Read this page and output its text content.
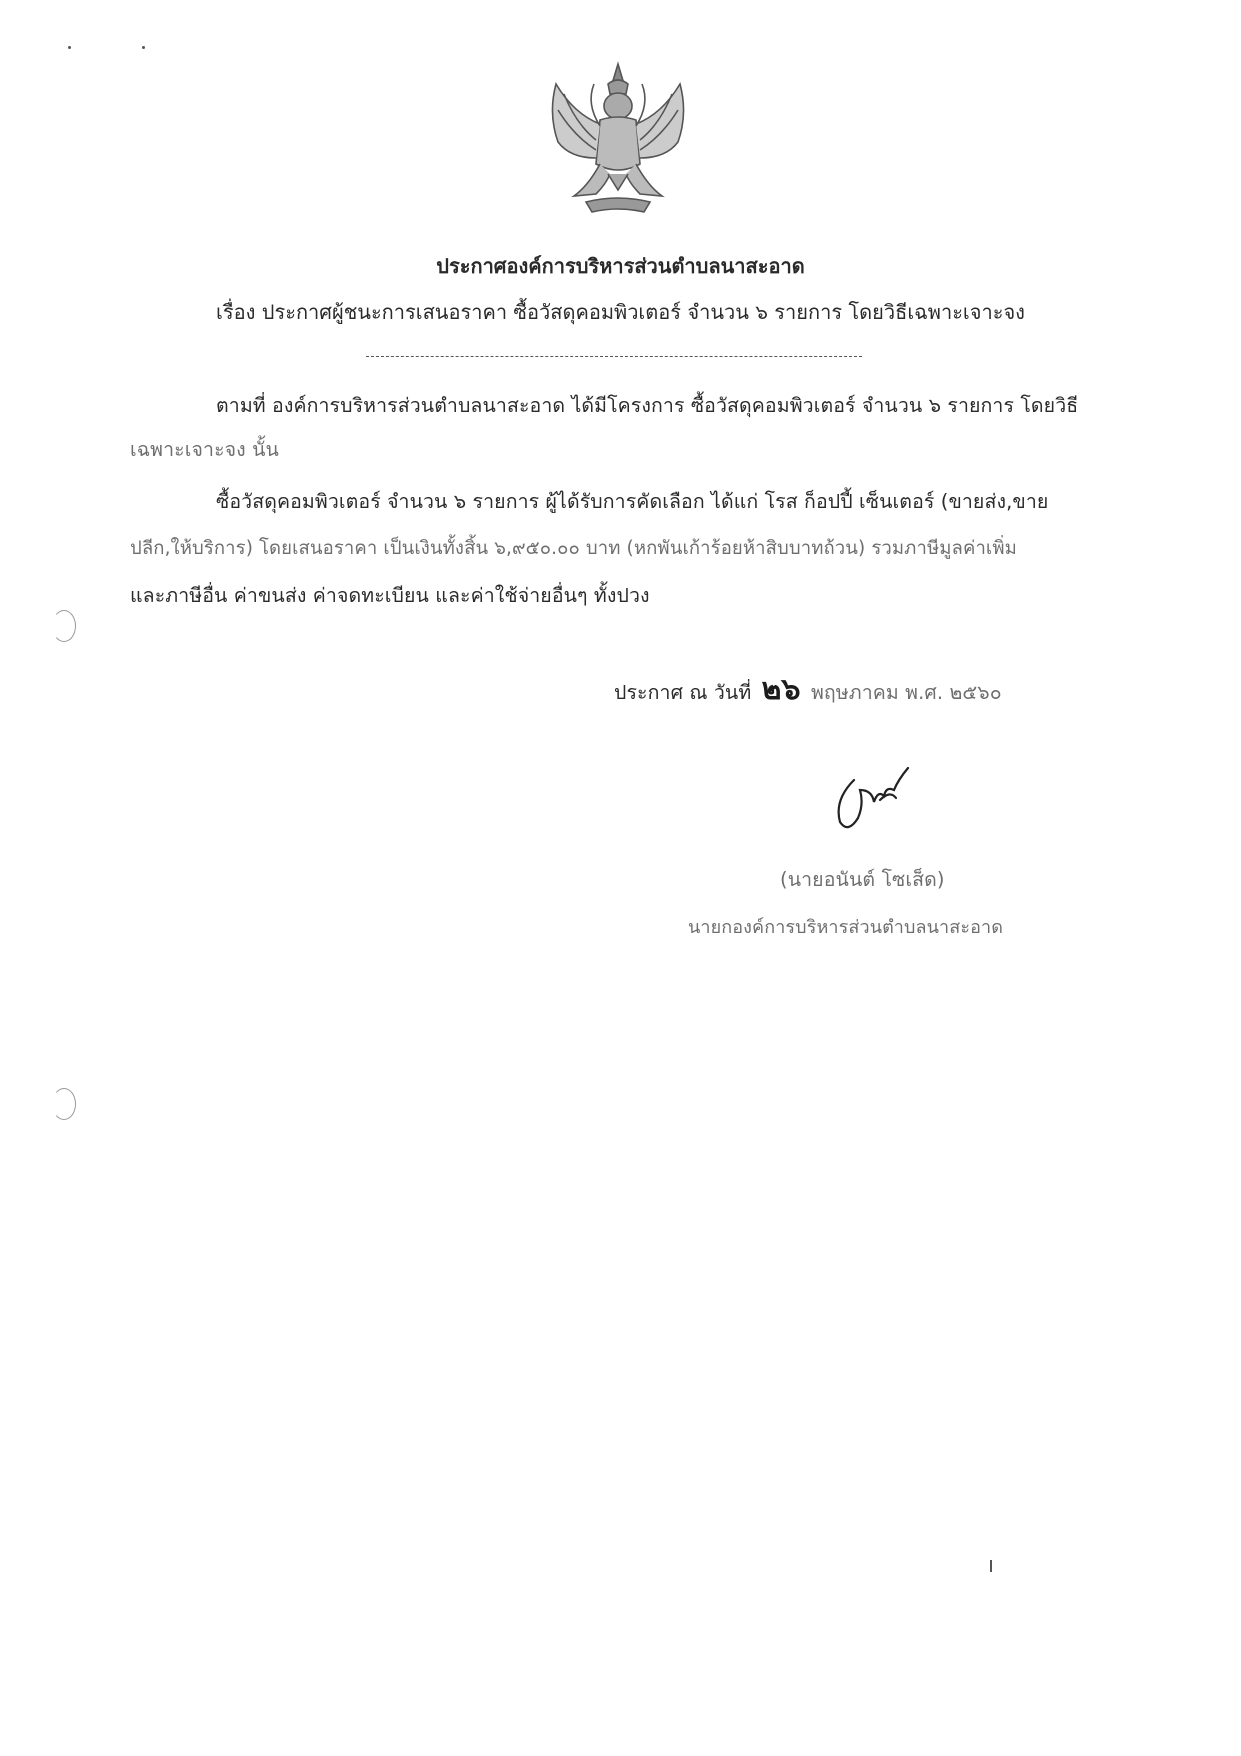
ประกาศองค์การบริหารส่วนตำบลนาสะอาด
เรื่อง ประกาศผู้ชนะการเสนอราคา ซื้อวัสดุคอมพิวเตอร์ จำนวน ๖ รายการ โดยวิธีเฉพาะเจาะจง
ตามที่ องค์การบริหารส่วนตำบลนาสะอาด ได้มีโครงการ ซื้อวัสดุคอมพิวเตอร์ จำนวน ๖ รายการ โดยวิธี
เฉพาะเจาะจง นั้น
ซื้อวัสดุคอมพิวเตอร์ จำนวน ๖ รายการ ผู้ได้รับการคัดเลือก ได้แก่ โรส ก็อปปี้ เซ็นเตอร์ (ขายส่ง,ขาย
ปลีก,ให้บริการ) โดยเสนอราคา เป็นเงินทั้งสิ้น ๖,๙๕๐.๐๐ บาท (หกพันเก้าร้อยห้าสิบบาทถ้วน) รวมภาษีมูลค่าเพิ่ม
และภาษีอื่น ค่าขนส่ง ค่าจดทะเบียน และค่าใช้จ่ายอื่นๆ ทั้งปวง
ประกาศ ณ วันที่ ๒๖ พฤษภาคม พ.ศ. ๒๕๖๐
(นายอนันต์ โซเส็ด)
นายกองค์การบริหารส่วนตำบลนาสะอาด
